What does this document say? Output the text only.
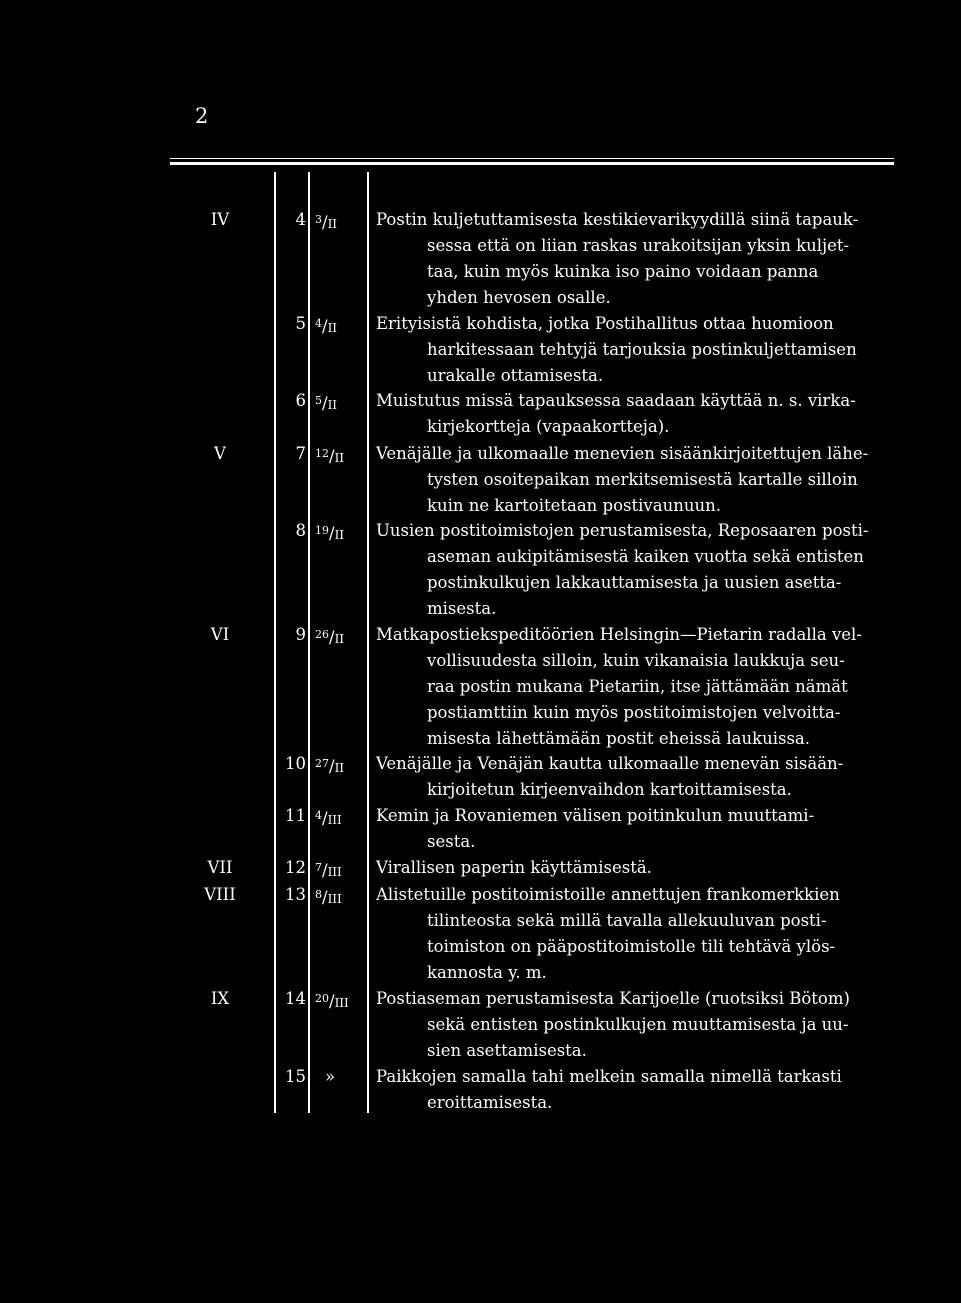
2
IV	4 $^3$/II	Postin kuljetuttamisesta kestikievarikyydillä siinä tapauk-
sessa että on liian raskas urakoitsijan yksin kuljet-
taa, kuin myös kuinka iso paino voidaan panna
yhden hevosen osalle.
5 $^4$/II	Erityisistä kohdista, jotka Postihallitus ottaa huomioon
harkitessaan tehtyjä tarjouksia postinkuljettamisen
urakalle ottamisesta.
6 $^5$/II	Muistutus missä tapauksessa saadaan käyttää n. s. virka-
kirjekortteja (vapaakortteja).
V	7 $^{12}$/II	Venäjälle ja ulkomaalle menevien sisäänkirjoitettujen lähe-
tysten osoitepaikan merkitsemisestä kartalle silloin
kuin ne kartoitetaan postivaunuun.
8 $^{19}$/II	Uusien postitoimistojen perustamisesta, Reposaaren posti-
aseman aukipitämisestä kaiken vuotta sekä entisten
postinkulkujen lakkauttamisesta ja uusien asetta-
misesta.
VI	9 $^{26}$/II	Matkapostiekspeditöörien Helsingin—Pietarin radalla vel-
vollisuudesta silloin, kuin vikanaisia laukkuja seu-
raa postin mukana Pietariin, itse jättämään nämät
postiamttiin kuin myös postitoimistojen velvoitta-
misesta lähettämään postit eheissä laukuissa.
10 $^{27}$/II	Venäjälle ja Venäjän kautta ulkomaalle menevän sisään-
kirjoitetun kirjeenvaihdon kartoittamisesta.
11 $^4$/III	Kemin ja Rovaniemen välisen poitinkulun muuttami-
sesta.
VII	12 $^7$/III	Virallisen paperin käyttämisestä.
VIII	13 $^8$/III	Alistetuille postitoimistoille annettujen frankomerkkien
tilinteosta sekä millä tavalla allekuuluvan posti-
toimiston on pääpostitoimistolle tili tehtävä ylös-
kannosta y. m.
IX	14 $^{20}$/III	Postiaseman perustamisesta Karijoelle (ruotsiksi Bötom)
sekä entisten postinkulkujen muuttamisesta ja uu-
sien asettamisesta.
15	»	Paikkojen samalla tahi melkein samalla nimellä tarkasti
eroittamisesta.
